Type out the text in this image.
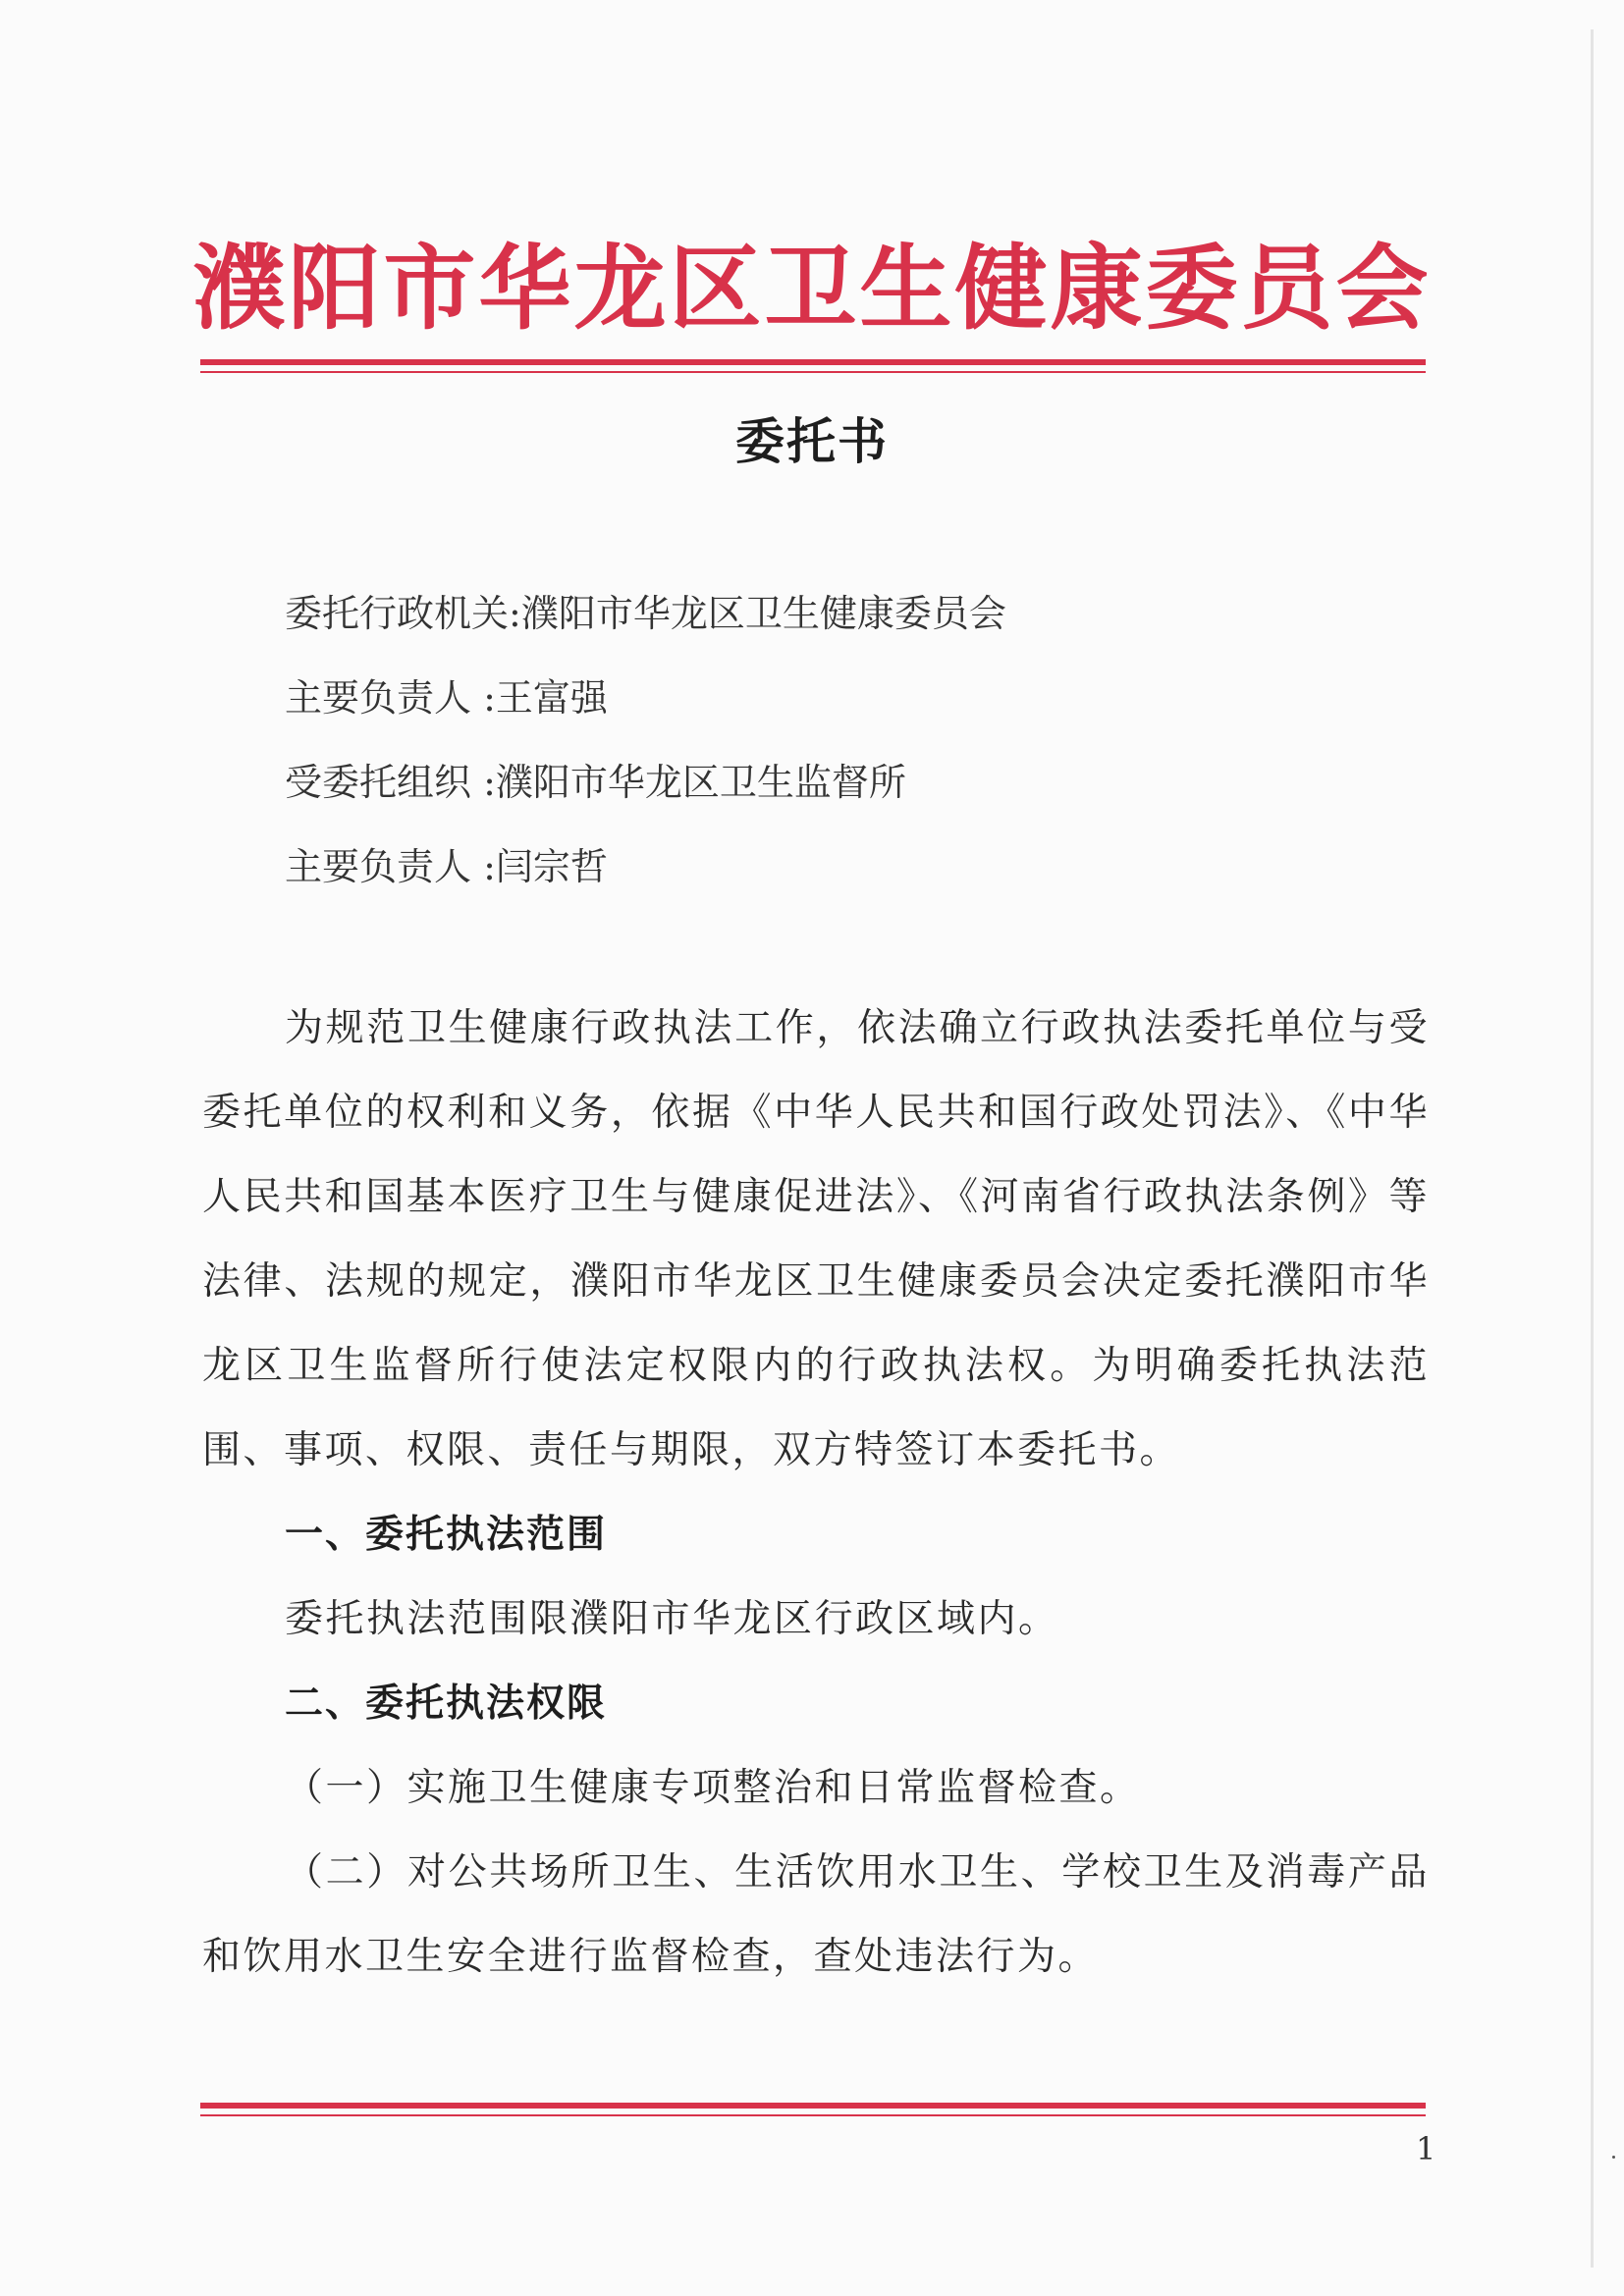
濮阳市华龙区卫生健康委员会
委托书
委托行政机关:濮阳市华龙区卫生健康委员会
主要负责人 :王富强
受委托组织 :濮阳市华龙区卫生监督所
主要负责人 :闫宗哲

为规范卫生健康行政执法工作，依法确立行政执法委托单位与受委托单位的权利和义务，依据《中华人民共和国行政处罚法》、《中华人民共和国基本医疗卫生与健康促进法》、《河南省行政执法条例》等法律、法规的规定，濮阳市华龙区卫生健康委员会决定委托濮阳市华龙区卫生监督所行使法定权限内的行政执法权。为明确委托执法范围、事项、权限、责任与期限，双方特签订本委托书。

一、委托执法范围

委托执法范围限濮阳市华龙区行政区域内。

二、委托执法权限

（一）实施卫生健康专项整治和日常监督检查。

（二）对公共场所卫生、生活饮用水卫生、学校卫生及消毒产品和饮用水卫生安全进行监督检查，查处违法行为。

1
